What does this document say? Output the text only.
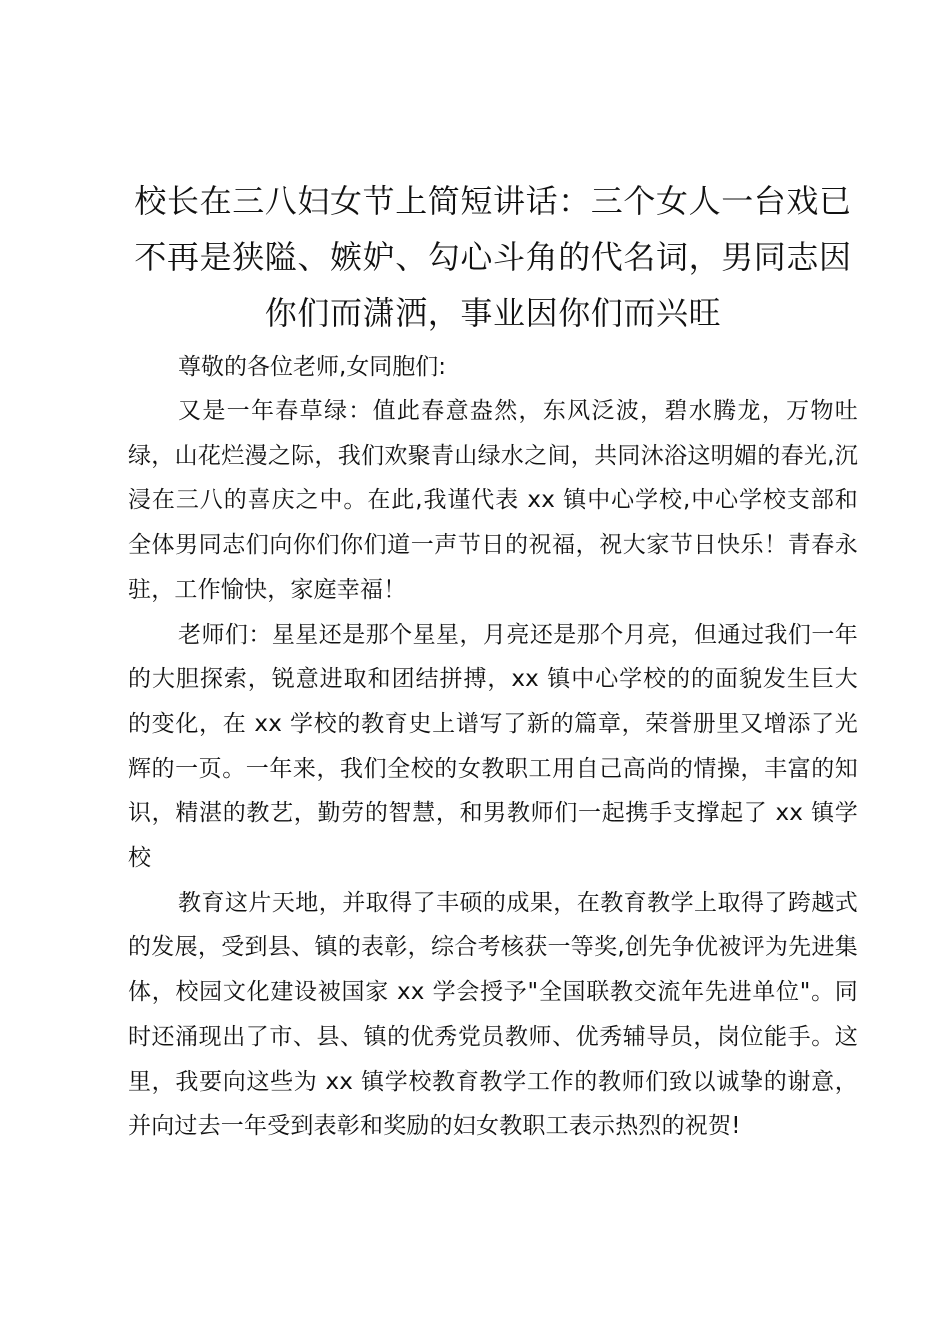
校长在三八妇女节上简短讲话：三个女人一台戏已不再是狭隘、嫉妒、勾心斗角的代名词，男同志因你们而潇洒，事业因你们而兴旺

尊敬的各位老师,女同胞们:

又是一年春草绿：值此春意盎然，东风泛波，碧水腾龙，万物吐绿，山花烂漫之际，我们欢聚青山绿水之间，共同沐浴这明媚的春光,沉浸在三八的喜庆之中。在此,我谨代表 xx 镇中心学校,中心学校支部和全体男同志们向你们你们道一声节日的祝福，祝大家节日快乐！青春永驻，工作愉快，家庭幸福！

老师们：星星还是那个星星，月亮还是那个月亮，但通过我们一年的大胆探索，锐意进取和团结拼搏，xx 镇中心学校的的面貌发生巨大的变化，在 xx 学校的教育史上谱写了新的篇章，荣誉册里又增添了光辉的一页。一年来，我们全校的女教职工用自己高尚的情操，丰富的知识，精湛的教艺，勤劳的智慧，和男教师们一起携手支撑起了 xx 镇学校

教育这片天地，并取得了丰硕的成果，在教育教学上取得了跨越式的发展，受到县、镇的表彰，综合考核获一等奖,创先争优被评为先进集体，校园文化建设被国家 xx 学会授予"全国联教交流年先进单位"。同时还涌现出了市、县、镇的优秀党员教师、优秀辅导员，岗位能手。这里，我要向这些为 xx 镇学校教育教学工作的教师们致以诚挚的谢意，并向过去一年受到表彰和奖励的妇女教职工表示热烈的祝贺!
